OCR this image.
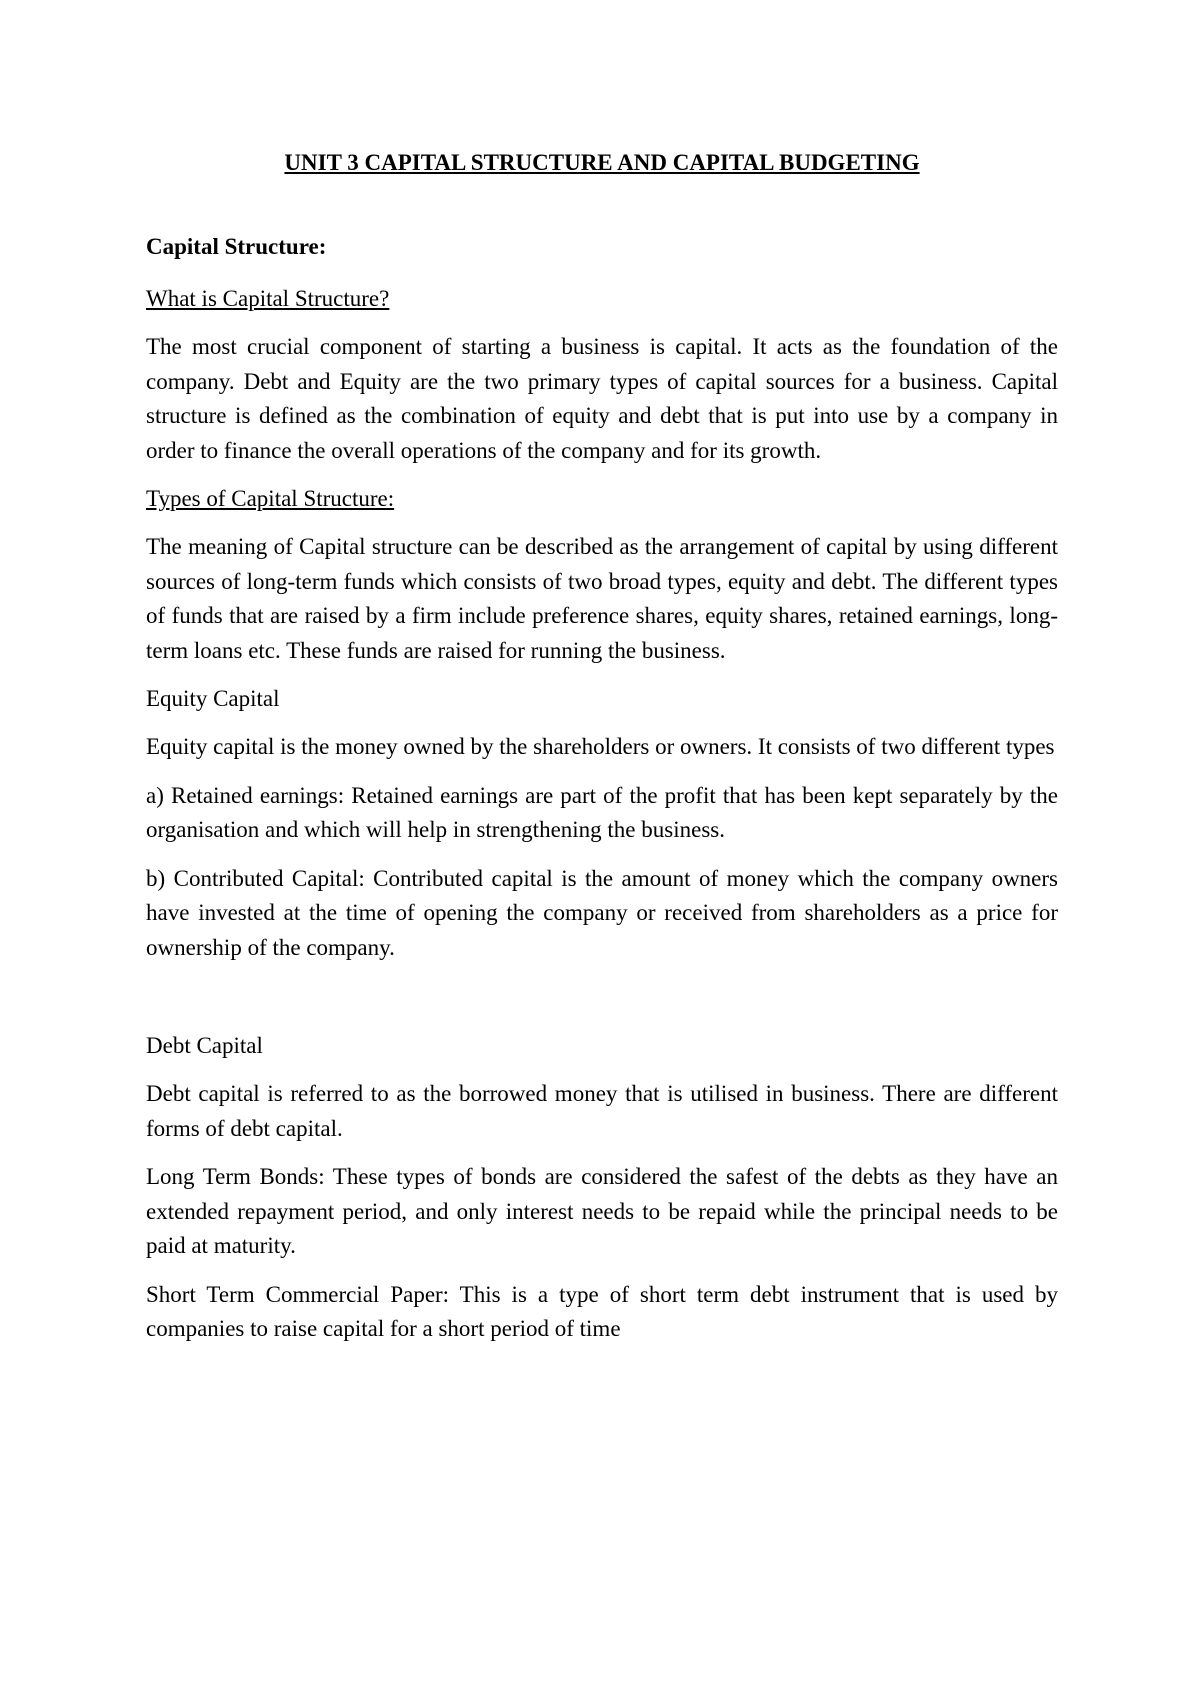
UNIT 3 CAPITAL STRUCTURE AND CAPITAL BUDGETING
Capital Structure:
What is Capital Structure?

The most crucial component of starting a business is capital. It acts as the foundation of the company. Debt and Equity are the two primary types of capital sources for a business. Capital structure is defined as the combination of equity and debt that is put into use by a company in order to finance the overall operations of the company and for its growth.

Types of Capital Structure:

The meaning of Capital structure can be described as the arrangement of capital by using different sources of long-term funds which consists of two broad types, equity and debt. The different types of funds that are raised by a firm include preference shares, equity shares, retained earnings, long-term loans etc. These funds are raised for running the business.

Equity Capital

Equity capital is the money owned by the shareholders or owners. It consists of two different types

a) Retained earnings: Retained earnings are part of the profit that has been kept separately by the organisation and which will help in strengthening the business.

b) Contributed Capital: Contributed capital is the amount of money which the company owners have invested at the time of opening the company or received from shareholders as a price for ownership of the company.

Debt Capital

Debt capital is referred to as the borrowed money that is utilised in business. There are different forms of debt capital.

Long Term Bonds: These types of bonds are considered the safest of the debts as they have an extended repayment period, and only interest needs to be repaid while the principal needs to be paid at maturity.

Short Term Commercial Paper: This is a type of short term debt instrument that is used by companies to raise capital for a short period of time
